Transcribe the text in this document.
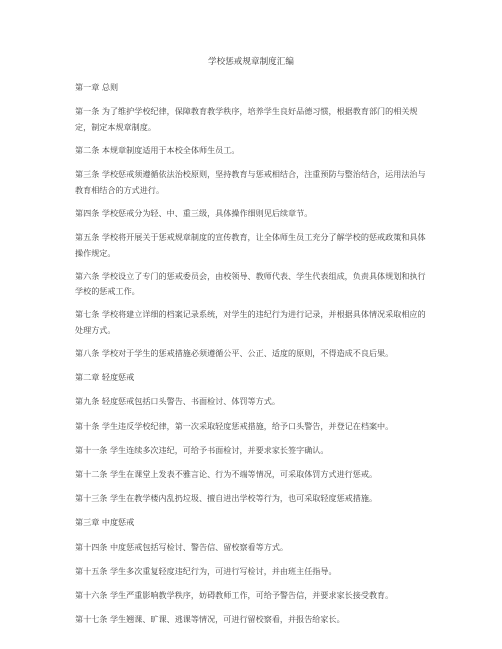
学校惩戒规章制度汇编
第一章 总则
第一条 为了维护学校纪律，保障教育教学秩序，培养学生良好品德习惯，根据教育部门的相关规定，制定本规章制度。
第二条 本规章制度适用于本校全体师生员工。
第三条 学校惩戒须遵循依法治校原则，坚持教育与惩戒相结合，注重预防与整治结合，运用法治与教育相结合的方式进行。
第四条 学校惩戒分为轻、中、重三级，具体操作细则见后续章节。
第五条 学校将开展关于惩戒规章制度的宣传教育，让全体师生员工充分了解学校的惩戒政策和具体操作规定。
第六条 学校设立了专门的惩戒委员会，由校领导、教师代表、学生代表组成，负责具体规划和执行学校的惩戒工作。
第七条 学校将建立详细的档案记录系统，对学生的违纪行为进行记录，并根据具体情况采取相应的处理方式。
第八条 学校对于学生的惩戒措施必须遵循公平、公正、适度的原则，不得造成不良后果。
第二章 轻度惩戒
第九条 轻度惩戒包括口头警告、书面检讨、体罚等方式。
第十条 学生违反学校纪律，第一次采取轻度惩戒措施，给予口头警告，并登记在档案中。
第十一条 学生连续多次违纪，可给予书面检讨，并要求家长签字确认。
第十二条 学生在课堂上发表不雅言论、行为不端等情况，可采取体罚方式进行惩戒。
第十三条 学生在教学楼内乱扔垃圾、擅自进出学校等行为，也可采取轻度惩戒措施。
第三章 中度惩戒
第十四条 中度惩戒包括写检讨、警告信、留校察看等方式。
第十五条 学生多次重复轻度违纪行为，可进行写检讨，并由班主任指导。
第十六条 学生严重影响教学秩序，妨碍教师工作，可给予警告信，并要求家长接受教育。
第十七条 学生翘课、旷课、逃课等情况，可进行留校察看，并报告给家长。
